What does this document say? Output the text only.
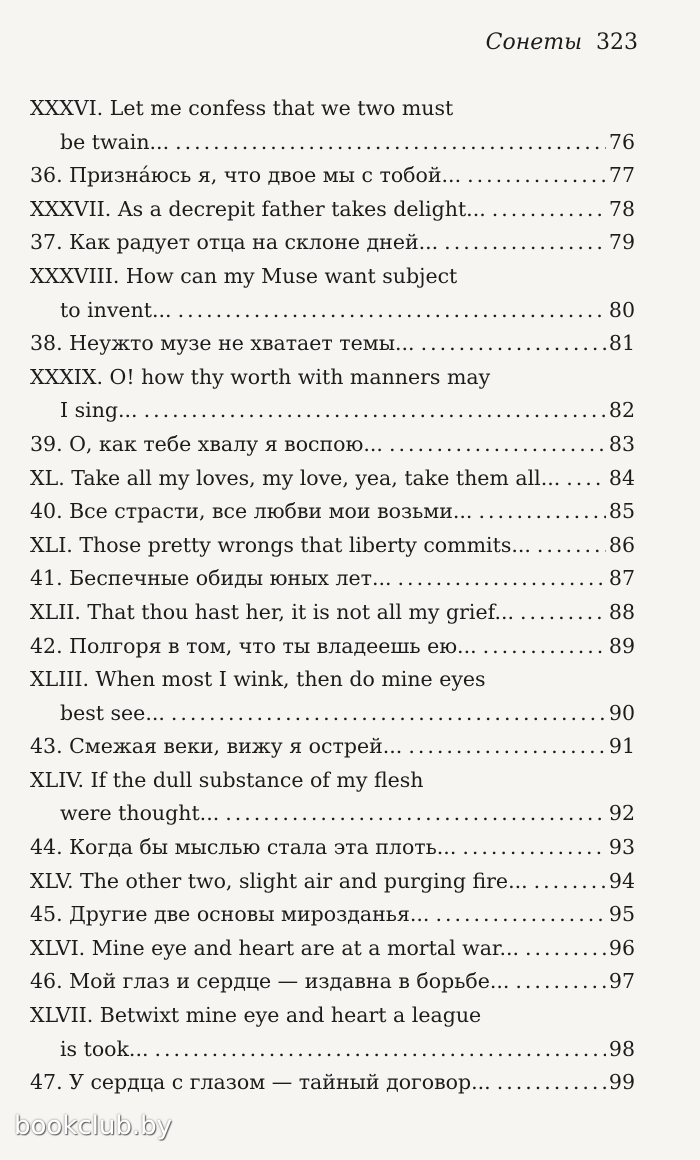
Сонеты 323
XXXVI. Let me confess that we two must
be twain... .....	76
36. Признáюсь я, что двое мы с тобой... .....	77
XXXVII. As a decrepit father takes delight... .....	78
37. Как радует отца на склоне дней... .....	79
XXXVIII. How can my Muse want subject
to invent... .....	80
38. Неужто музе не хватает темы... .....	81
XXXIX. O! how thy worth with manners may
I sing... .....	82
39. О, как тебе хвалу я воспою... .....	83
XL. Take all my loves, my love, yea, take them all... ..... 84
40. Все страсти, все любви мои возьми... .....	85
XLI. Those pretty wrongs that liberty commits... .....	86
41. Беспечные обиды юных лет... .....	87
XLII. That thou hast her, it is not all my grief... .....	88
42. Полгоря в том, что ты владеешь ею... .....	89
XLIII. When most I wink, then do mine eyes
best see... .....	90
43. Смежая веки, вижу я острей... .....	91
XLIV. If the dull substance of my flesh
were thought... .....	92
44. Когда бы мыслью стала эта плоть... .....	93
XLV. The other two, slight air and purging fire... .....	94
45. Другие две основы мирозданья... .....	95
XLVI. Mine eye and heart are at a mortal war... .....	96
46. Мой глаз и сердце — издавна в борьбе... .....	97
XLVII. Betwixt mine eye and heart a league
is took... .....	98
47. У сердца с глазом — тайный договор... .....	99
bookclub.by
